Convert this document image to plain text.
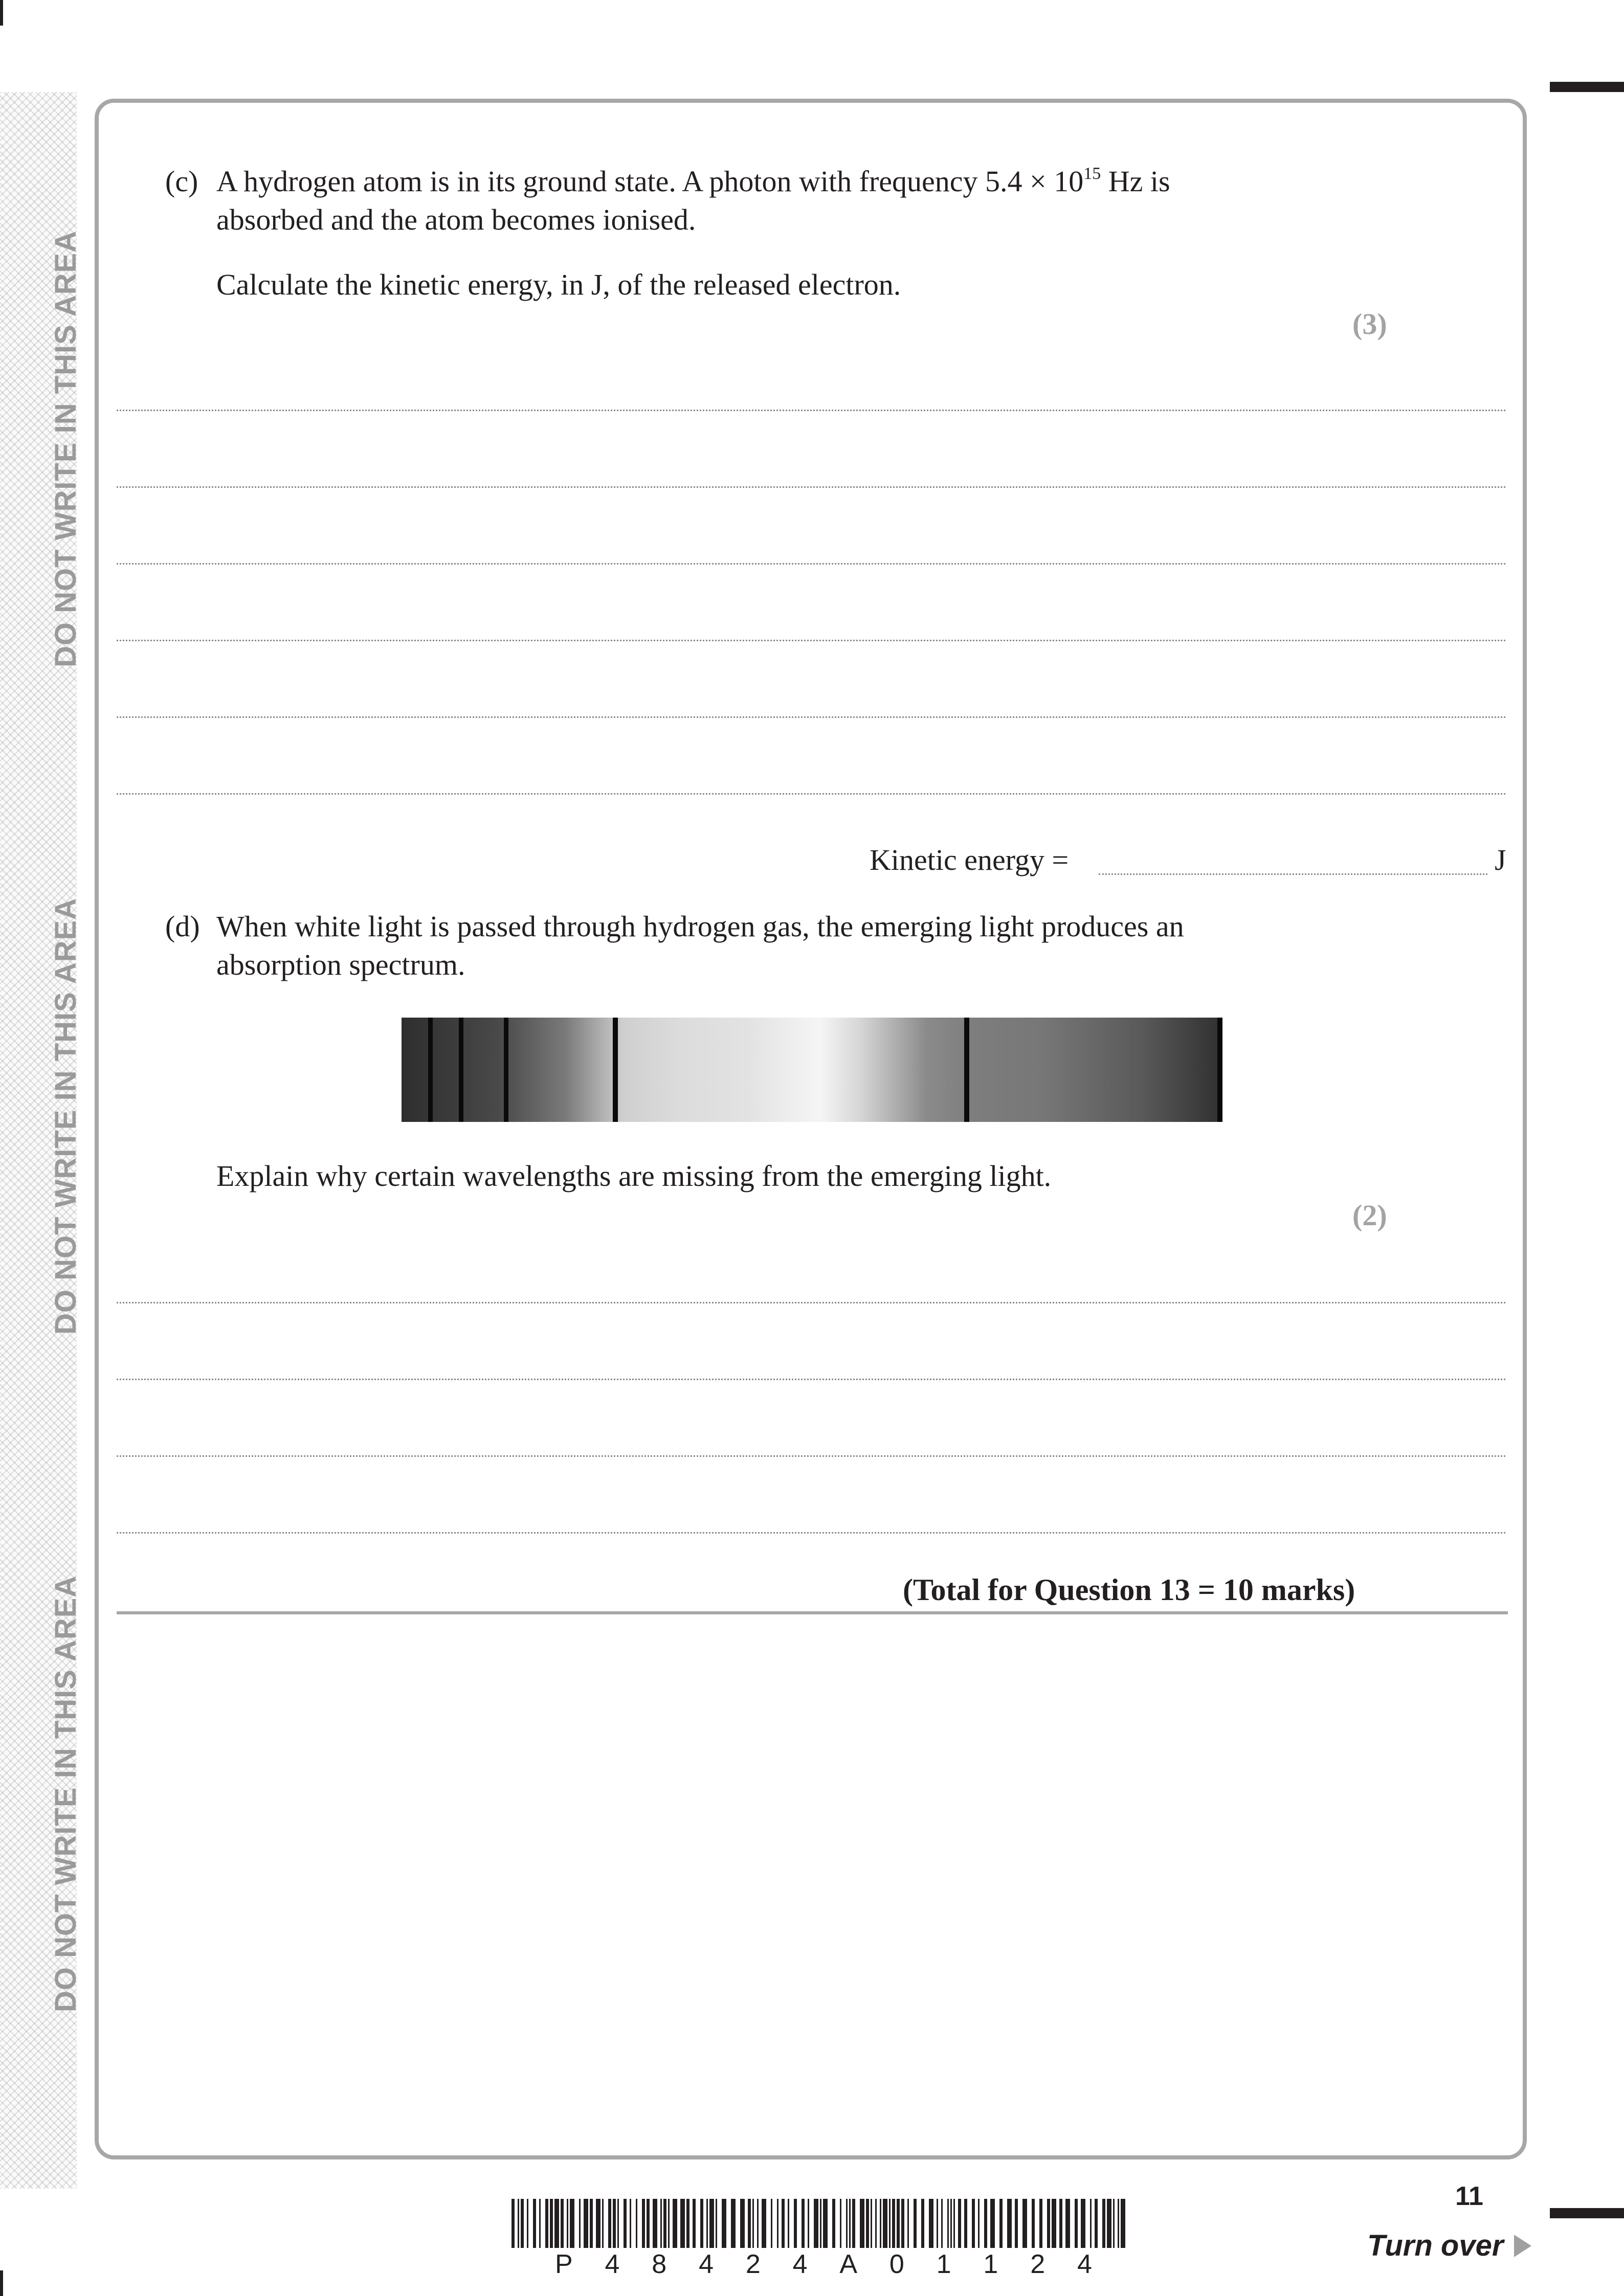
DO NOT WRITE IN THIS AREA
DO NOT WRITE IN THIS AREA
DO NOT WRITE IN THIS AREA
(c) A hydrogen atom is in its ground state. A photon with frequency $5.4 \times 10^{15}$ Hz is
absorbed and the atom becomes ionised.
Calculate the kinetic energy, in J, of the released electron.
(3)
Kinetic energy =	J
(d) When white light is passed through hydrogen gas, the emerging light produces an
absorption spectrum.
Explain why certain wavelengths are missing from the emerging light.
(2)
(Total for Question 13 = 10 marks)
11
P 4 8 4 2 4 A 0 1 1 2 4
Turn over
